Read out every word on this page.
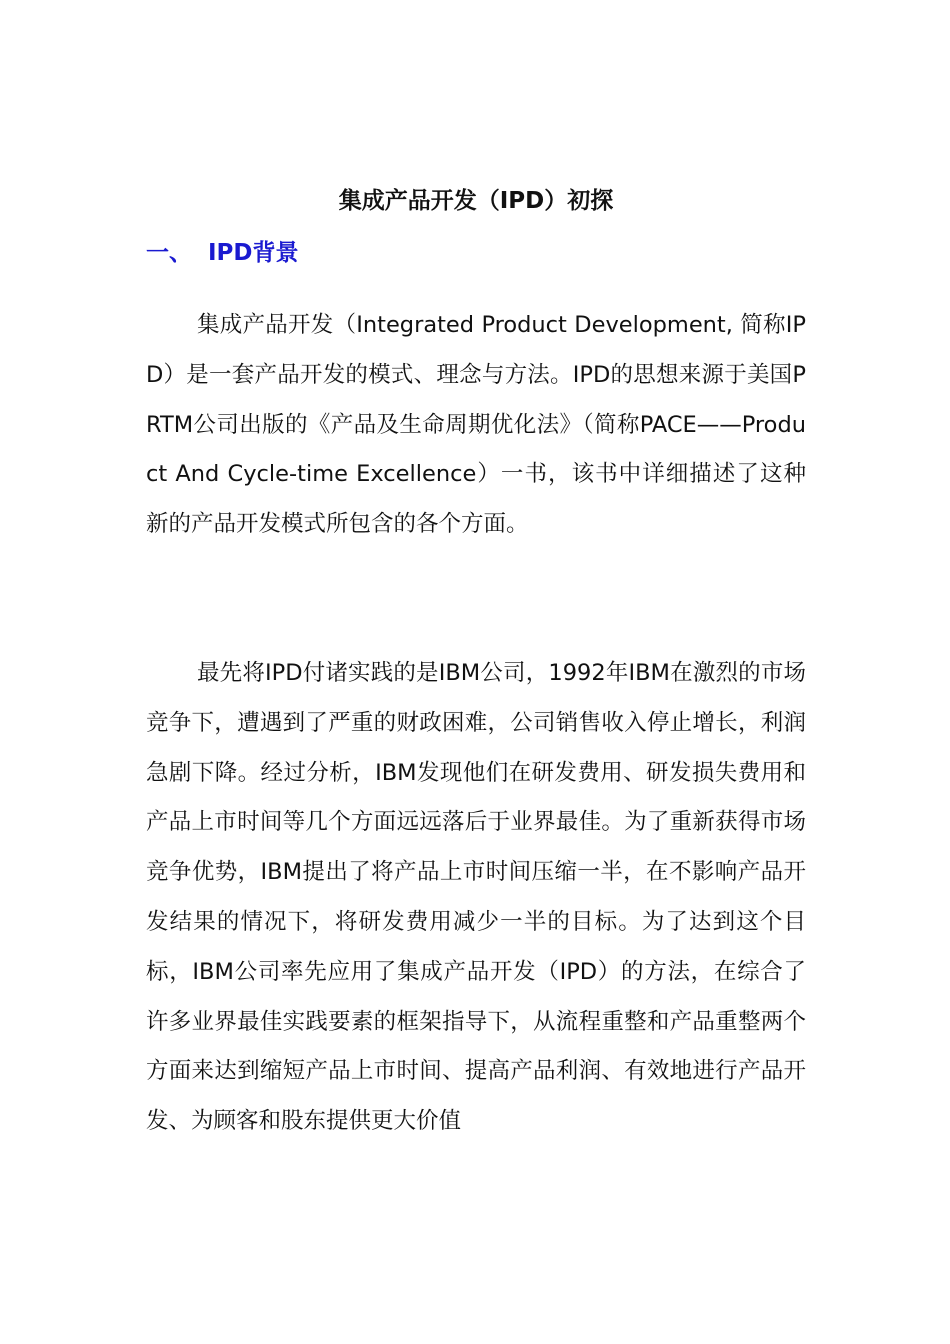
集成产品开发（IPD）初探
一、 IPD背景

集成产品开发（Integrated Product Development, 简称IPD）是一套产品开发的模式、理念与方法。IPD的思想来源于美国PRTM公司出版的《产品及生命周期优化法》（简称PACE——Product And Cycle-time Excellence）一书，该书中详细描述了这种新的产品开发模式所包含的各个方面。

最先将IPD付诸实践的是IBM公司，1992年IBM在激烈的市场竞争下，遭遇到了严重的财政困难，公司销售收入停止增长，利润急剧下降。经过分析，IBM发现他们在研发费用、研发损失费用和产品上市时间等几个方面远远落后于业界最佳。为了重新获得市场竞争优势，IBM提出了将产品上市时间压缩一半，在不影响产品开发结果的情况下，将研发费用减少一半的目标。为了达到这个目标，IBM公司率先应用了集成产品开发（IPD）的方法，在综合了许多业界最佳实践要素的框架指导下，从流程重整和产品重整两个方面来达到缩短产品上市时间、提高产品利润、有效地进行产品开发、为顾客和股东提供更大价值
